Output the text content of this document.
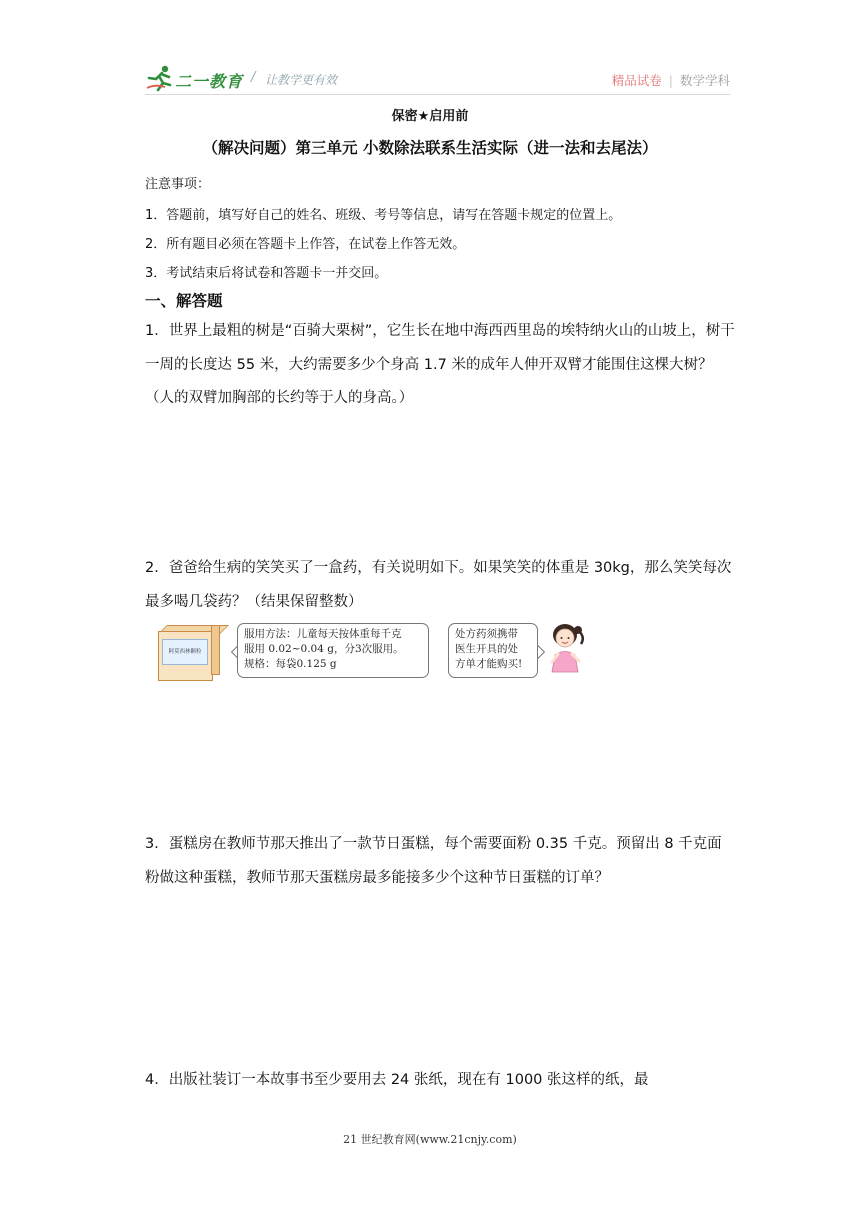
二一教育 / 让教学更有效	精品试卷 | 数学学科
保密★启用前
（解决问题）第三单元 小数除法联系生活实际（进一法和去尾法）
注意事项：
1．答题前，填写好自己的姓名、班级、考号等信息，请写在答题卡规定的位置上。
2．所有题目必须在答题卡上作答，在试卷上作答无效。
3．考试结束后将试卷和答题卡一并交回。
一、解答题
1．世界上最粗的树是“百骑大栗树”，它生长在地中海西西里岛的埃特纳火山的山坡上，树干一周的长度达 55 米，大约需要多少个身高 1.7 米的成年人伸开双臂才能围住这棵大树？（人的双臂加胸部的长约等于人的身高。）
2．爸爸给生病的笑笑买了一盒药，有关说明如下。如果笑笑的体重是 30kg，那么笑笑每次最多喝几袋药？（结果保留整数）
阿莫西林颗粒
服用方法：儿童每天按体重每千克
服用 0.02~0.04 g，分3次服用。
规格：每袋0.125 g
处方药须携带
医生开具的处
方单才能购买!
3．蛋糕房在教师节那天推出了一款节日蛋糕，每个需要面粉 0.35 千克。预留出 8 千克面粉做这种蛋糕，教师节那天蛋糕房最多能接多少个这种节日蛋糕的订单？
4．出版社装订一本故事书至少要用去 24 张纸，现在有 1000 张这样的纸，最
21 世纪教育网(www.21cnjy.com)
